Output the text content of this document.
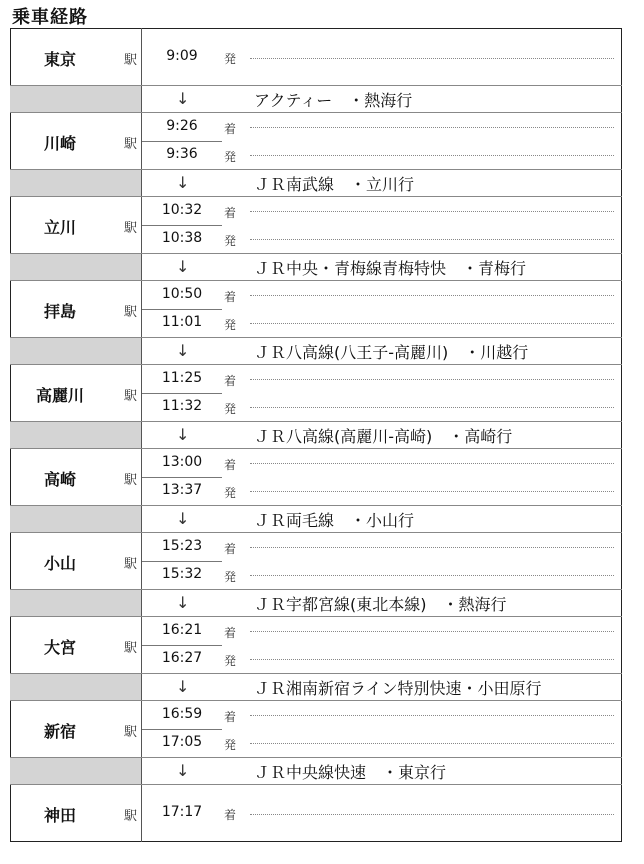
乗車経路
東京	駅	9:09	発
↓	アクティー　・熱海行
川崎	駅
9:26	着
9:36	発
↓	ＪＲ南武線　・立川行
立川	駅
10:32	着
10:38	発
↓	ＪＲ中央・青梅線青梅特快　・青梅行
拝島	駅
10:50	着
11:01	発
↓	ＪＲ八高線(八王子-高麗川)　・川越行
高麗川	駅
11:25	着
11:32	発
↓	ＪＲ八高線(高麗川-高崎)　・高崎行
高崎	駅
13:00	着
13:37	発
↓	ＪＲ両毛線　・小山行
小山	駅
15:23	着
15:32	発
↓	ＪＲ宇都宮線(東北本線)　・熱海行
大宮	駅
16:21	着
16:27	発
↓	ＪＲ湘南新宿ライン特別快速・小田原行
新宿	駅
16:59	着
17:05	発
↓	ＪＲ中央線快速　・東京行
神田	駅	17:17	着
